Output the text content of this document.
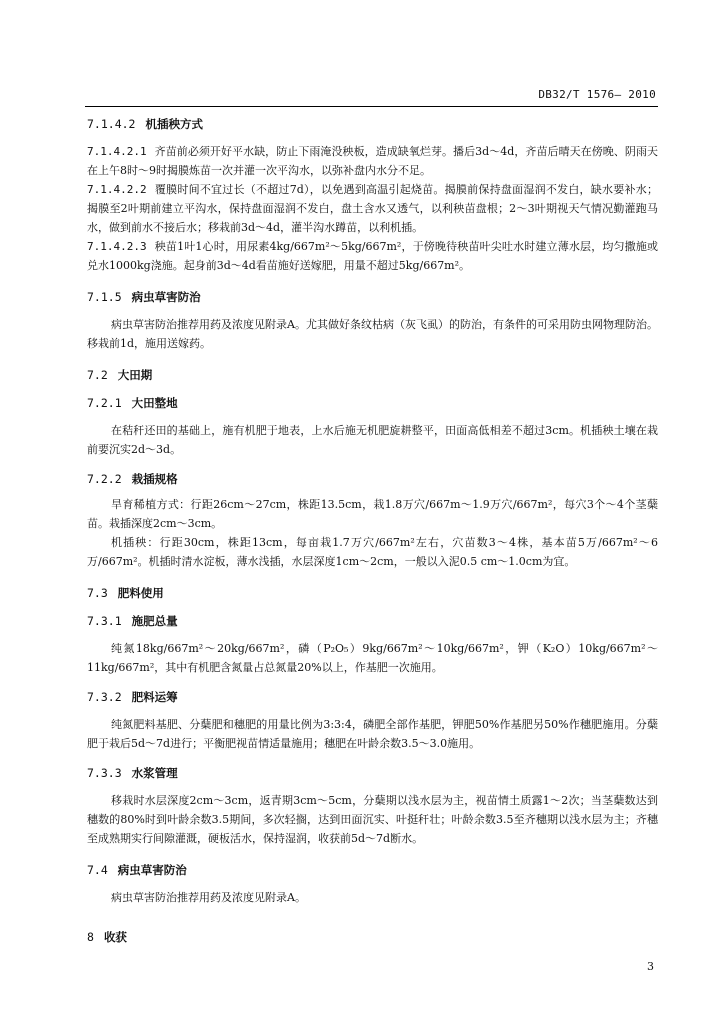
DB32/T 1576— 2010
7.1.4.2 机插秧方式

7.1.4.2.1 齐苗前必须开好平水缺，防止下雨淹没秧板，造成缺氧烂芽。播后3d～4d，齐苗后晴天在傍晚、阴雨天在上午8时～9时揭膜炼苗一次并灌一次平沟水，以弥补盘内水分不足。

7.1.4.2.2 覆膜时间不宜过长（不超过7d），以免遇到高温引起烧苗。揭膜前保持盘面湿润不发白，缺水要补水；揭膜至2叶期前建立平沟水，保持盘面湿润不发白，盘土含水又透气，以利秧苗盘根；2～3叶期视天气情况勤灌跑马水，做到前水不接后水；移栽前3d～4d，灌半沟水蹲苗，以利机插。

7.1.4.2.3 秧苗1叶1心时，用尿素4kg/667m²～5kg/667m²，于傍晚待秧苗叶尖吐水时建立薄水层，均匀撒施或兑水1000kg浇施。起身前3d～4d看苗施好送嫁肥，用量不超过5kg/667m²。

7.1.5 病虫草害防治

病虫草害防治推荐用药及浓度见附录A。尤其做好条纹枯病（灰飞虱）的防治，有条件的可采用防虫网物理防治。移栽前1d，施用送嫁药。

7.2 大田期
7.2.1 大田整地

在秸秆还田的基础上，施有机肥于地表，上水后施无机肥旋耕整平，田面高低相差不超过3cm。机插秧土壤在栽前要沉实2d～3d。

7.2.2 栽插规格

旱育稀植方式：行距26cm～27cm，株距13.5cm，栽1.8万穴/667m～1.9万穴/667m²，每穴3个～4个茎蘖苗。栽插深度2cm～3cm。

机插秧：行距30cm，株距13cm，每亩栽1.7万穴/667m²左右，穴苗数3～4株，基本苗5万/667m²～6万/667m²。机插时清水淀板，薄水浅插，水层深度1cm～2cm，一般以入泥0.5 cm～1.0cm为宜。

7.3 肥料使用
7.3.1 施肥总量

纯氮18kg/667m²～20kg/667m²，磷（P₂O₅）9kg/667m²～10kg/667m²，钾（K₂O）10kg/667m²～11kg/667m²，其中有机肥含氮量占总氮量20%以上，作基肥一次施用。

7.3.2 肥料运筹

纯氮肥料基肥、分蘖肥和穗肥的用量比例为3:3:4，磷肥全部作基肥，钾肥50%作基肥另50%作穗肥施用。分蘖肥于栽后5d～7d进行；平衡肥视苗情适量施用；穗肥在叶龄余数3.5～3.0施用。

7.3.3 水浆管理

移栽时水层深度2cm～3cm，返青期3cm～5cm，分蘖期以浅水层为主，视苗情土质露1～2次；当茎蘖数达到穗数的80%时到叶龄余数3.5期间，多次轻搁，达到田面沉实、叶挺秆壮；叶龄余数3.5至齐穗期以浅水层为主；齐穗至成熟期实行间隙灌溉，硬板活水，保持湿润，收获前5d～7d断水。

7.4 病虫草害防治

病虫草害防治推荐用药及浓度见附录A。

8 收获
3
